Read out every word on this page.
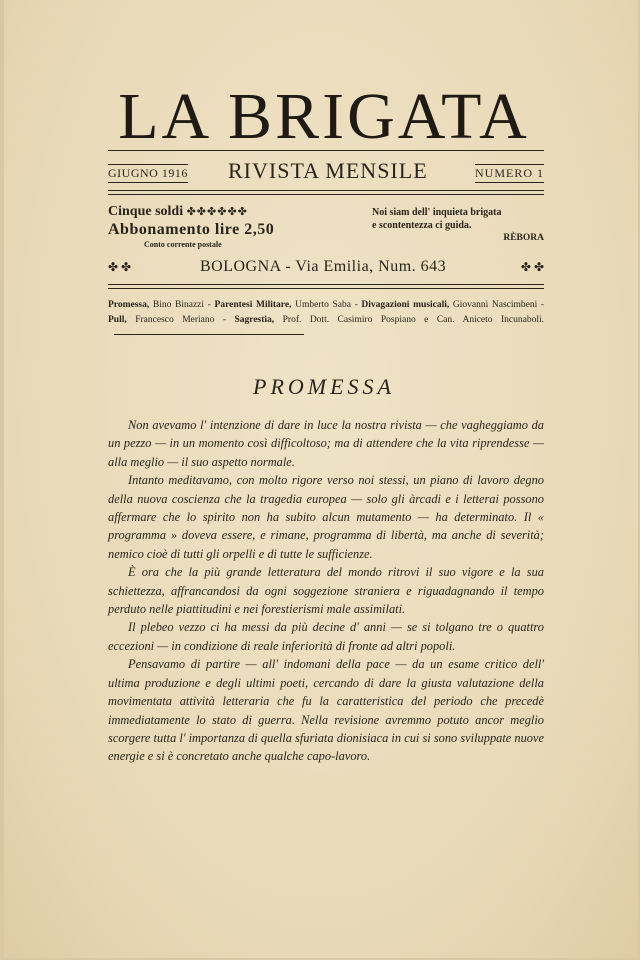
LA BRIGATA
GIUGNO 1916 RIVISTA MENSILE	NUMERO 1
Cinque soldi ✤✤✤✤✤✤
Abbonamento lire 2,50
Conto corrente postale
Noi siam dell' inquieta brigata
e scontentezza ci guida.
RÈBORA
✤ ✤	BOLOGNA - Via Emilia, Num. 643	✤ ✤
Promessa, Bino Binazzi - Parentesi Militare, Umberto Saba - Divagazioni musicali, Giovanni Nascimbeni - Pull, Francesco Meriano - Sagrestia, Prof. Dott. Casimiro Pospiano e Can. Aniceto Incunaboli.
PROMESSA

Non avevamo l' intenzione di dare in luce la nostra rivista — che vagheggiamo da un pezzo — in un momento così difficoltoso; ma di attendere che la vita riprendesse — alla meglio — il suo aspetto normale.

Intanto meditavamo, con molto rigore verso noi stessi, un piano di lavoro degno della nuova coscienza che la tragedia europea — solo gli àrcadi e i letterai possono affermare che lo spirito non ha subito alcun mutamento — ha determinato. Il « programma » doveva essere, e rimane, programma di libertà, ma anche di severità; nemico cioè di tutti gli orpelli e di tutte le sufficienze.

È ora che la più grande letteratura del mondo ritrovi il suo vigore e la sua schiettezza, affrancandosi da ogni soggezione straniera e riguadagnando il tempo perduto nelle piattitudini e nei forestierismi male assimilati.

Il plebeo vezzo ci ha messi da più decine d' anni — se si tolgano tre o quattro eccezioni — in condizione di reale inferiorità di fronte ad altri popoli.

Pensavamo di partire — all' indomani della pace — da un esame critico dell' ultima produzione e degli ultimi poeti, cercando di dare la giusta valutazione della movimentata attività letteraria che fu la caratteristica del periodo che precedè immediatamente lo stato di guerra. Nella revisione avremmo potuto ancor meglio scorgere tutta l' importanza di quella sfuriata dionisiaca in cui si sono sviluppate nuove energie e si è concretato anche qualche capo-lavoro.
